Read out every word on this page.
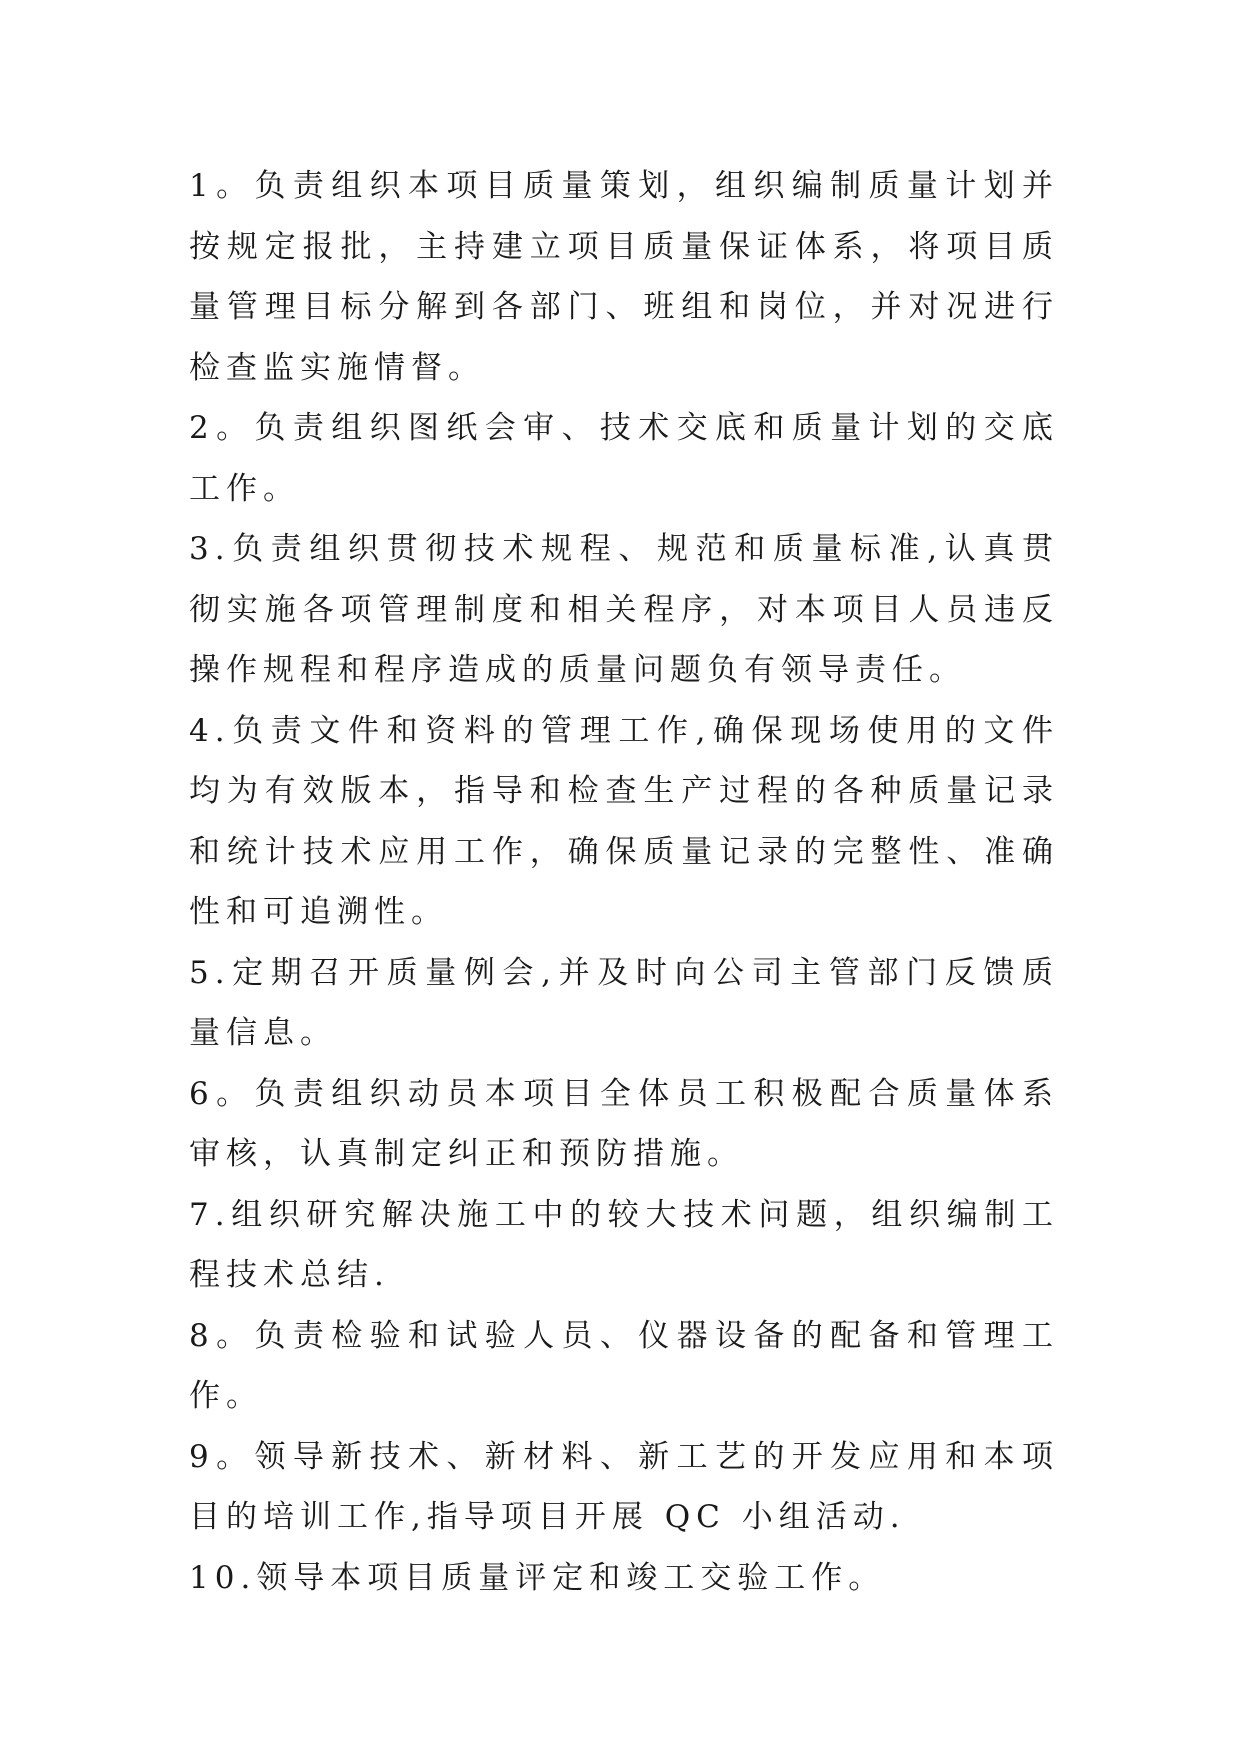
1。负责组织本项目质量策划，组织编制质量计划并按规定报批，主持建立项目质量保证体系，将项目质量管理目标分解到各部门、班组和岗位，并对况进行检查监实施情督。

2。负责组织图纸会审、技术交底和质量计划的交底工作。

3.负责组织贯彻技术规程、规范和质量标准,认真贯彻实施各项管理制度和相关程序，对本项目人员违反操作规程和程序造成的质量问题负有领导责任。

4.负责文件和资料的管理工作,确保现场使用的文件均为有效版本，指导和检查生产过程的各种质量记录和统计技术应用工作，确保质量记录的完整性、准确性和可追溯性。

5.定期召开质量例会,并及时向公司主管部门反馈质量信息。

6。负责组织动员本项目全体员工积极配合质量体系审核，认真制定纠正和预防措施。

7.组织研究解决施工中的较大技术问题，组织编制工程技术总结.

8。负责检验和试验人员、仪器设备的配备和管理工作。

9。领导新技术、新材料、新工艺的开发应用和本项目的培训工作,指导项目开展 QC 小组活动.

10.领导本项目质量评定和竣工交验工作。
